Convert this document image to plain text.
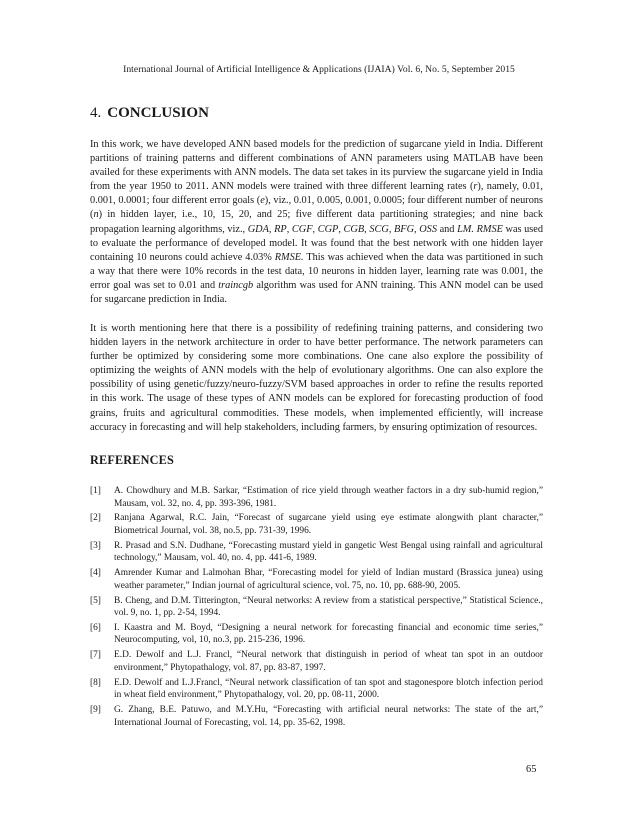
International Journal of Artificial Intelligence & Applications (IJAIA) Vol. 6, No. 5, September 2015
4. CONCLUSION

In this work, we have developed ANN based models for the prediction of sugarcane yield in India. Different partitions of training patterns and different combinations of ANN parameters using MATLAB have been availed for these experiments with ANN models. The data set takes in its purview the sugarcane yield in India from the year 1950 to 2011. ANN models were trained with three different learning rates (r), namely, 0.01, 0.001, 0.0001; four different error goals (e), viz., 0.01, 0.005, 0.001, 0.0005; four different number of neurons (n) in hidden layer, i.e., 10, 15, 20, and 25; five different data partitioning strategies; and nine back propagation learning algorithms, viz., GDA, RP, CGF, CGP, CGB, SCG, BFG, OSS and LM. RMSE was used to evaluate the performance of developed model. It was found that the best network with one hidden layer containing 10 neurons could achieve 4.03% RMSE. This was achieved when the data was partitioned in such a way that there were 10% records in the test data, 10 neurons in hidden layer, learning rate was 0.001, the error goal was set to 0.01 and traincgb algorithm was used for ANN training. This ANN model can be used for sugarcane prediction in India.

It is worth mentioning here that there is a possibility of redefining training patterns, and considering two hidden layers in the network architecture in order to have better performance. The network parameters can further be optimized by considering some more combinations. One cane also explore the possibility of optimizing the weights of ANN models with the help of evolutionary algorithms. One can also explore the possibility of using genetic/fuzzy/neuro-fuzzy/SVM based approaches in order to refine the results reported in this work. The usage of these types of ANN models can be explored for forecasting production of food grains, fruits and agricultural commodities. These models, when implemented efficiently, will increase accuracy in forecasting and will help stakeholders, including farmers, by ensuring optimization of resources.

REFERENCES
[1]	A. Chowdhury and M.B. Sarkar, “Estimation of rice yield through weather factors in a dry sub-humid region,” Mausam, vol. 32, no. 4, pp. 393-396, 1981.
[2]	Ranjana Agarwal, R.C. Jain, “Forecast of sugarcane yield using eye estimate alongwith plant character,” Biometrical Journal, vol. 38, no.5, pp. 731-39, 1996.
[3]	R. Prasad and S.N. Dudhane, “Forecasting mustard yield in gangetic West Bengal using rainfall and agricultural technology,” Mausam, vol. 40, no. 4, pp. 441-6, 1989.
[4]	Amrender Kumar and Lalmohan Bhar, “Forecasting model for yield of Indian mustard (Brassica junea) using weather parameter,” Indian journal of agricultural science, vol. 75, no. 10, pp. 688-90, 2005.
[5]	B. Cheng, and D.M. Titterington, “Neural networks: A review from a statistical perspective,” Statistical Science., vol. 9, no. 1, pp. 2-54, 1994.
[6]	I. Kaastra and M. Boyd, “Designing a neural network for forecasting financial and economic time series,” Neurocomputing, vol, 10, no.3, pp. 215-236, 1996.
[7]	E.D. Dewolf and L.J. Francl, “Neural network that distinguish in period of wheat tan spot in an outdoor environment,” Phytopathalogy, vol. 87, pp. 83-87, 1997.
[8]	E.D. Dewolf and L.J.Francl, “Neural network classification of tan spot and stagonespore blotch infection period in wheat field environment,” Phytopathalogy, vol. 20, pp. 08-11, 2000.
[9]	G. Zhang, B.E. Patuwo, and M.Y.Hu, “Forecasting with artificial neural networks: The state of the art,” International Journal of Forecasting, vol. 14, pp. 35-62, 1998.
65
